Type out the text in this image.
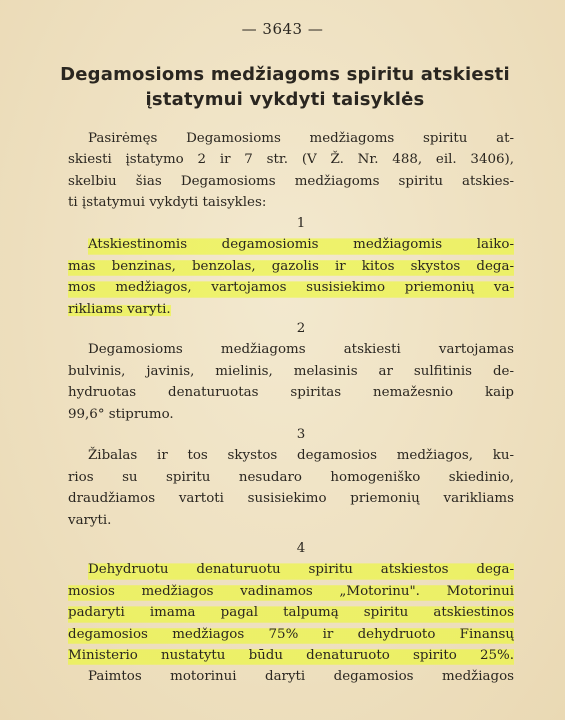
— 3643 —
Degamosioms medžiagoms spiritu atskiesti
įstatymui vykdyti taisyklės
Pasirėmęs Degamosioms medžiagoms spiritu at-
skiesti įstatymo 2 ir 7 str. (V Ž. Nr. 488, eil. 3406),
skelbiu šias Degamosioms medžiagoms spiritu atskies-
ti įstatymui vykdyti taisykles:
1
Atskiestinomis degamosiomis medžiagomis laiko-
mas benzinas, benzolas, gazolis ir kitos skystos dega-
mos medžiagos, vartojamos susisiekimo priemonių va-
rikliams varyti.
2
Degamosioms medžiagoms atskiesti vartojamas
bulvinis, javinis, mielinis, melasinis ar sulfitinis de-
hydruotas denaturuotas spiritas nemažesnio kaip
99,6° stiprumo.
3
Žibalas ir tos skystos degamosios medžiagos, ku-
rios su spiritu nesudaro homogeniško skiedinio,
draudžiamos vartoti susisiekimo priemonių varikliams
varyti.
4
Dehydruotu denaturuotu spiritu atskiestos dega-
mosios medžiagos vadinamos „Motorinu". Motorinui
padaryti imama pagal talpumą spiritu atskiestinos
degamosios medžiagos 75% ir dehydruoto Finansų
Ministerio nustatytu būdu denaturuoto spirito 25%.
Paimtos motorinui daryti degamosios medžiagos
